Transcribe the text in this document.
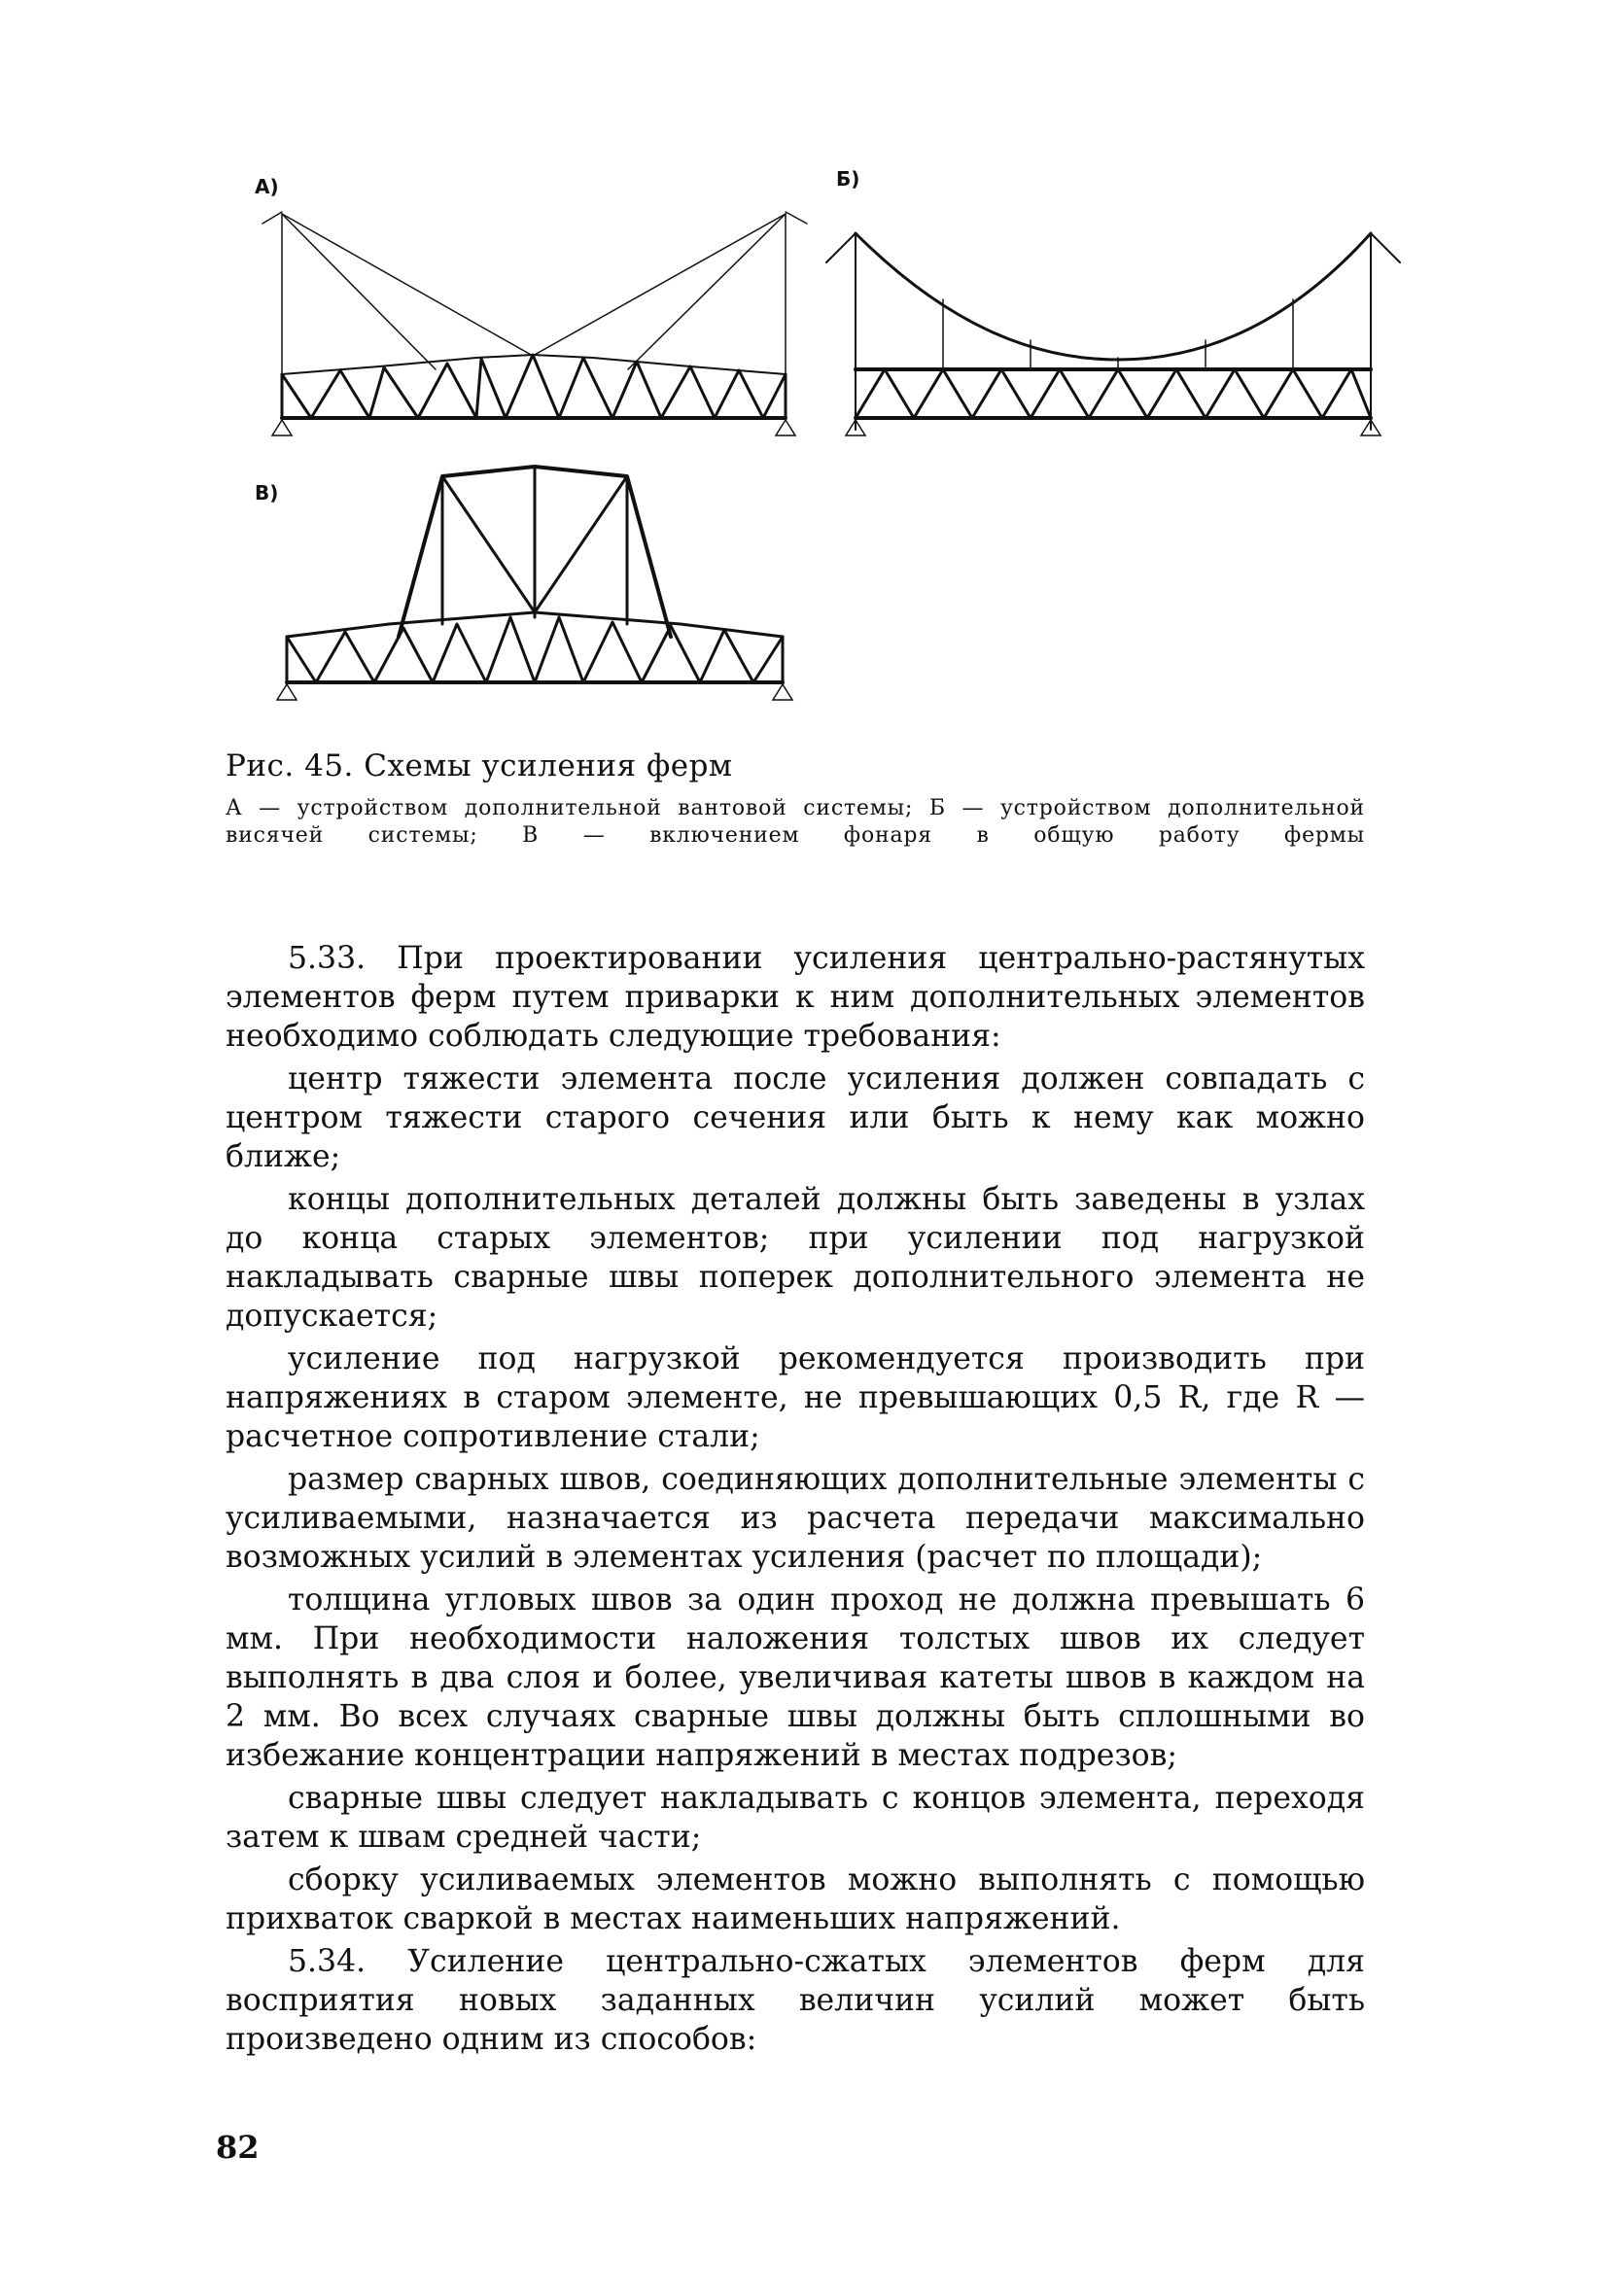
А)	Б)
В)
Рис. 45. Схемы усиления ферм
А — устройством дополнительной вантовой системы; Б — устройством дополнительной висячей системы; В — включением фонаря в общую работу фермы

5.33. При проектировании усиления центрально-растянутых элементов ферм путем приварки к ним дополнительных элементов необходимо соблюдать следующие требования:

центр тяжести элемента после усиления должен совпадать с центром тяжести старого сечения или быть к нему как можно ближе;

концы дополнительных деталей должны быть заведены в узлах до конца старых элементов; при усилении под нагрузкой накладывать сварные швы поперек дополнительного элемента не допускается;

усиление под нагрузкой рекомендуется производить при напряжениях в старом элементе, не превышающих 0,5 R, где R — расчетное сопротивление стали;

размер сварных швов, соединяющих дополнительные элементы с усиливаемыми, назначается из расчета передачи максимально возможных усилий в элементах усиления (расчет по площади);

толщина угловых швов за один проход не должна превышать 6 мм. При необходимости наложения толстых швов их следует выполнять в два слоя и более, увеличивая катеты швов в каждом на 2 мм. Во всех случаях сварные швы должны быть сплошными во избежание концентрации напряжений в местах подрезов;

сварные швы следует накладывать с концов элемента, переходя затем к швам средней части;

сборку усиливаемых элементов можно выполнять с помощью прихваток сваркой в местах наименьших напряжений.

5.34. Усиление центрально-сжатых элементов ферм для восприятия новых заданных величин усилий может быть произведено одним из способов:

82
